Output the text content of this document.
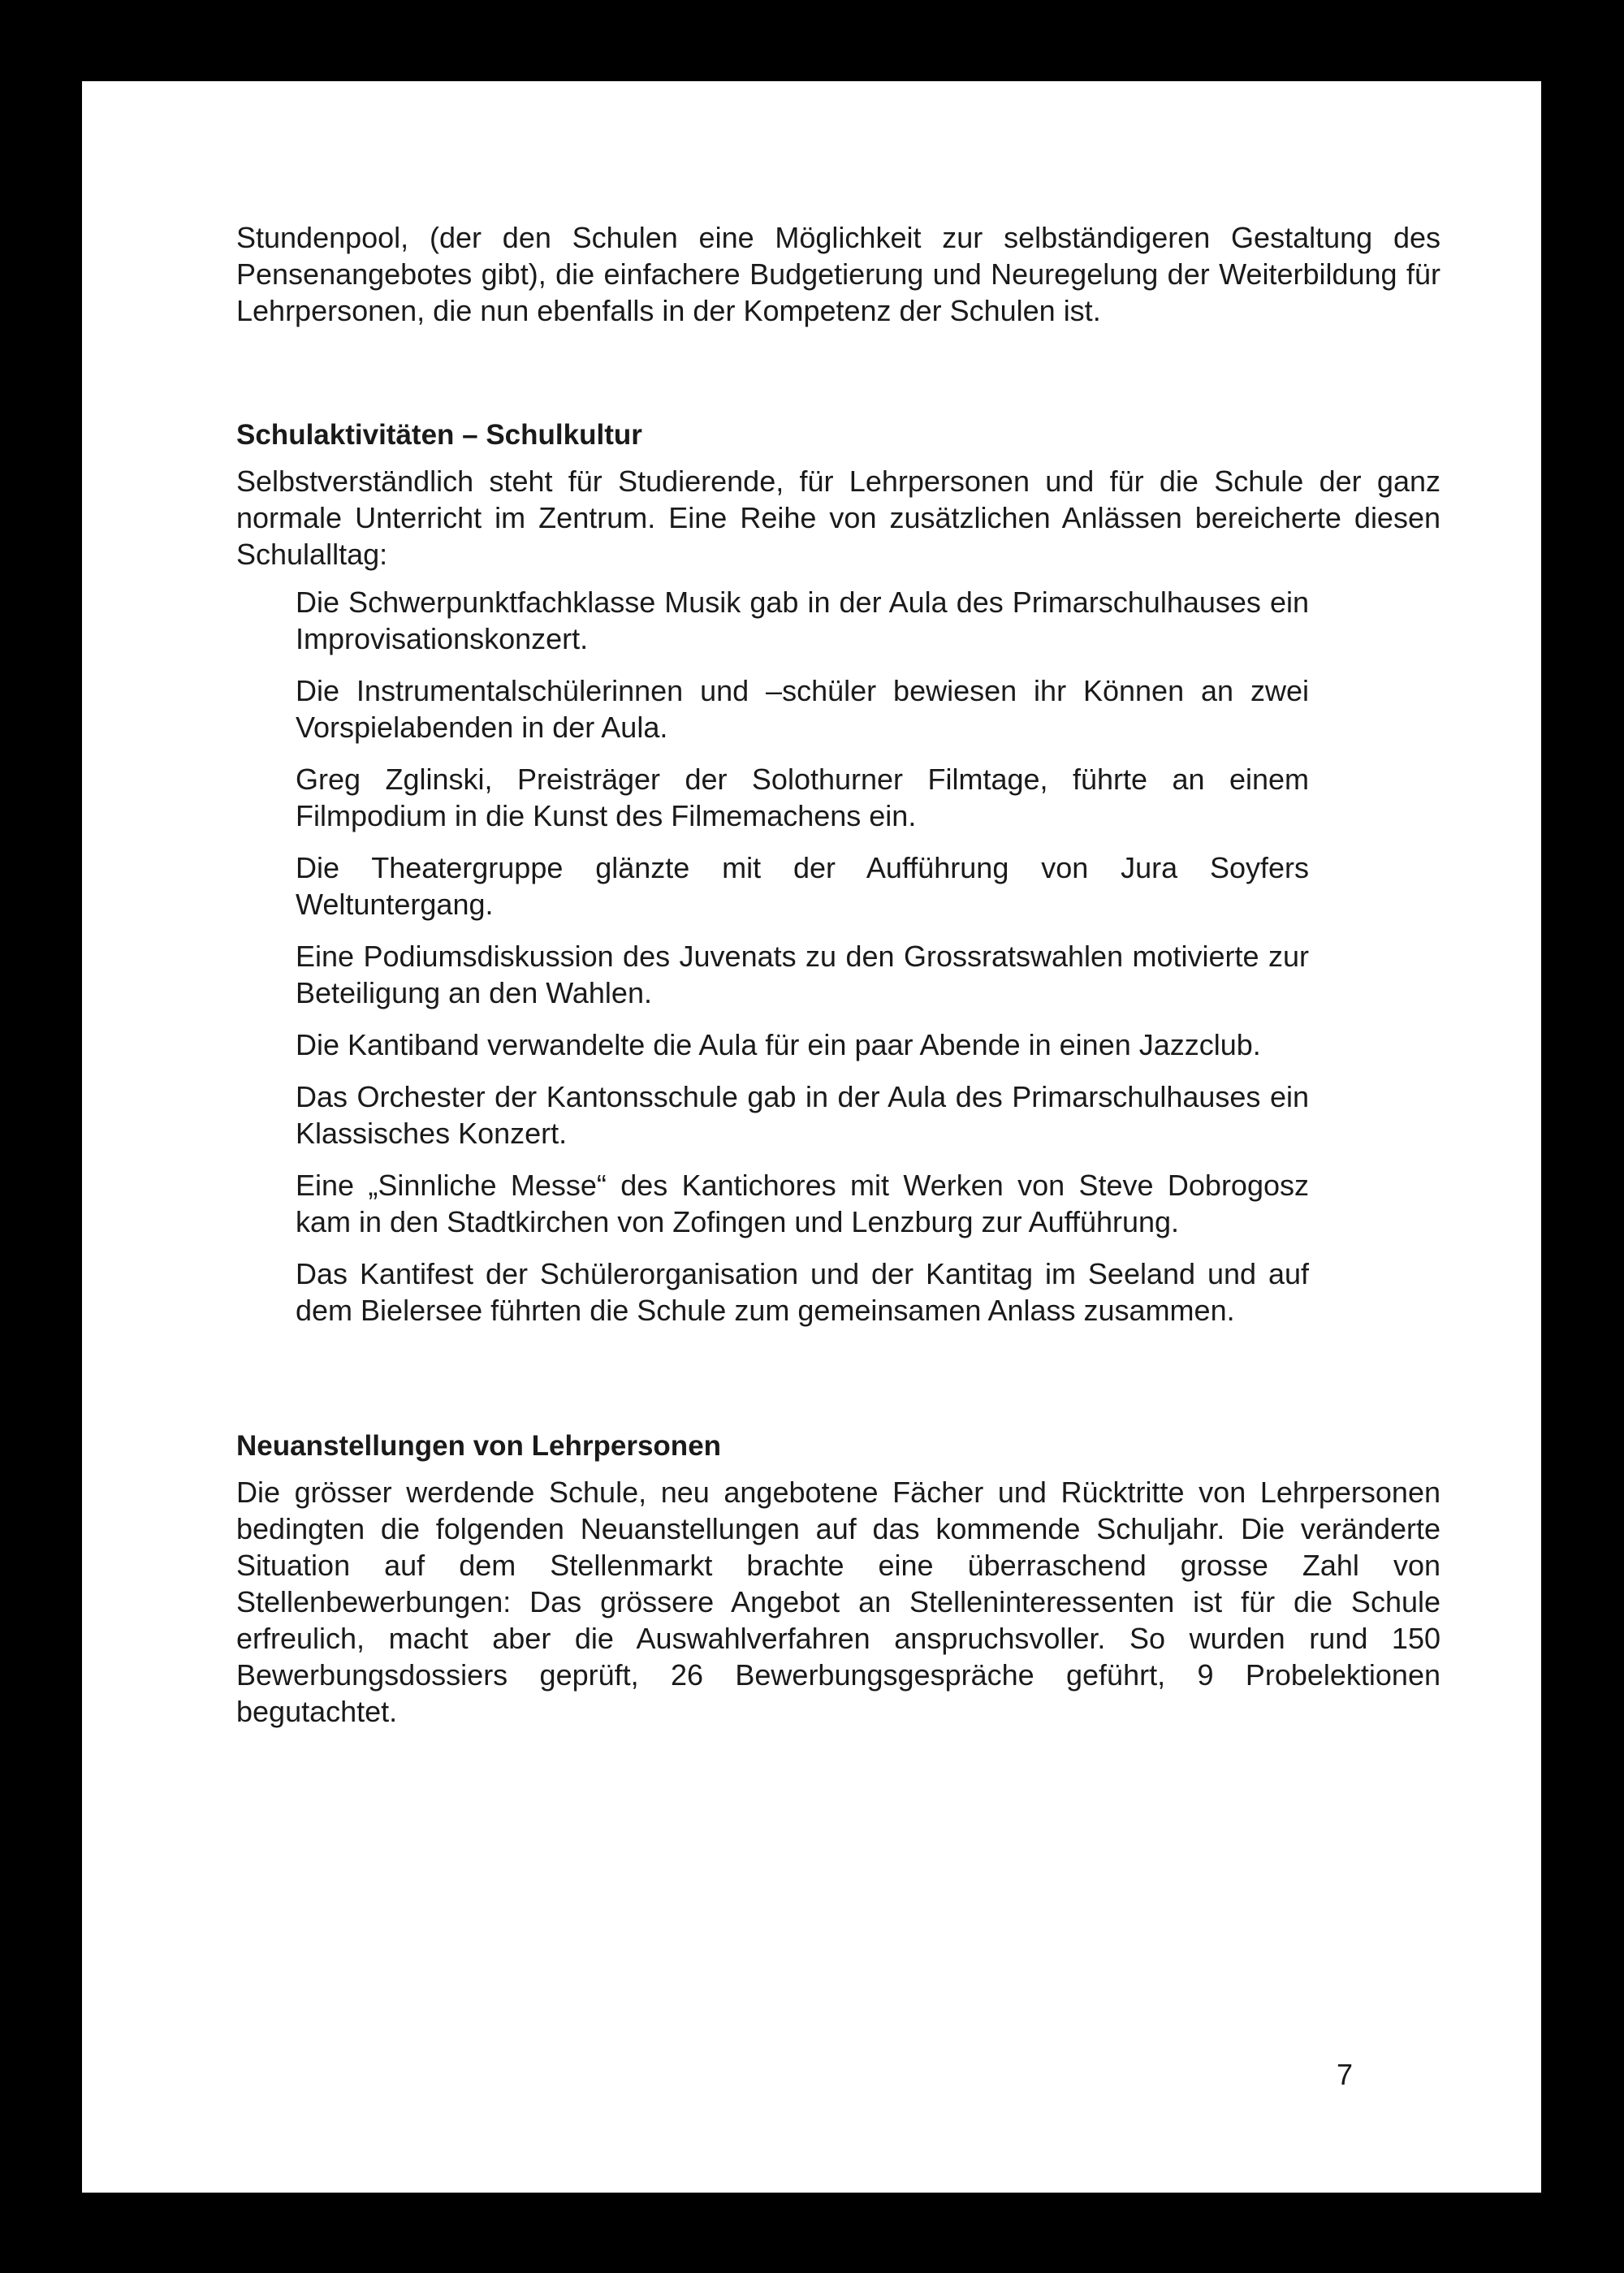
Stundenpool, (der den Schulen eine Möglichkeit zur selbständigeren Gestaltung des Pensenangebotes gibt), die einfachere Budgetierung und Neuregelung der Weiterbildung für Lehrpersonen, die nun ebenfalls in der Kompetenz der Schulen ist.

Schulaktivitäten – Schulkultur

Selbstverständlich steht für Studierende, für Lehrpersonen und für die Schule der ganz normale Unterricht im Zentrum. Eine Reihe von zusätzlichen Anlässen bereicherte diesen Schulalltag:

Die Schwerpunktfachklasse Musik gab in der Aula des Primarschulhauses ein Improvisationskonzert.

Die Instrumentalschülerinnen und –schüler bewiesen ihr Können an zwei Vorspielabenden in der Aula.

Greg Zglinski, Preisträger der Solothurner Filmtage, führte an einem Filmpodium in die Kunst des Filmemachens ein.

Die Theatergruppe glänzte mit der Aufführung von Jura Soyfers Weltuntergang.

Eine Podiumsdiskussion des Juvenats zu den Grossratswahlen motivierte zur Beteiligung an den Wahlen.

Die Kantiband verwandelte die Aula für ein paar Abende in einen Jazzclub.

Das Orchester der Kantonsschule gab in der Aula des Primarschulhauses ein Klassisches Konzert.

Eine „Sinnliche Messe“ des Kantichores mit Werken von Steve Dobrogosz kam in den Stadtkirchen von Zofingen und Lenzburg zur Aufführung.

Das Kantifest der Schülerorganisation und der Kantitag im Seeland und auf dem Bielersee führten die Schule zum gemeinsamen Anlass zusammen.

Neuanstellungen von Lehrpersonen

Die grösser werdende Schule, neu angebotene Fächer und Rücktritte von Lehrpersonen bedingten die folgenden Neuanstellungen auf das kommende Schuljahr. Die veränderte Situation auf dem Stellenmarkt brachte eine überraschend grosse Zahl von Stellenbewerbungen: Das grössere Angebot an Stelleninteressenten ist für die Schule erfreulich, macht aber die Auswahlverfahren anspruchsvoller. So wurden rund 150 Bewerbungsdossiers geprüft, 26 Bewerbungsgespräche geführt, 9 Probelektionen begutachtet.

7
